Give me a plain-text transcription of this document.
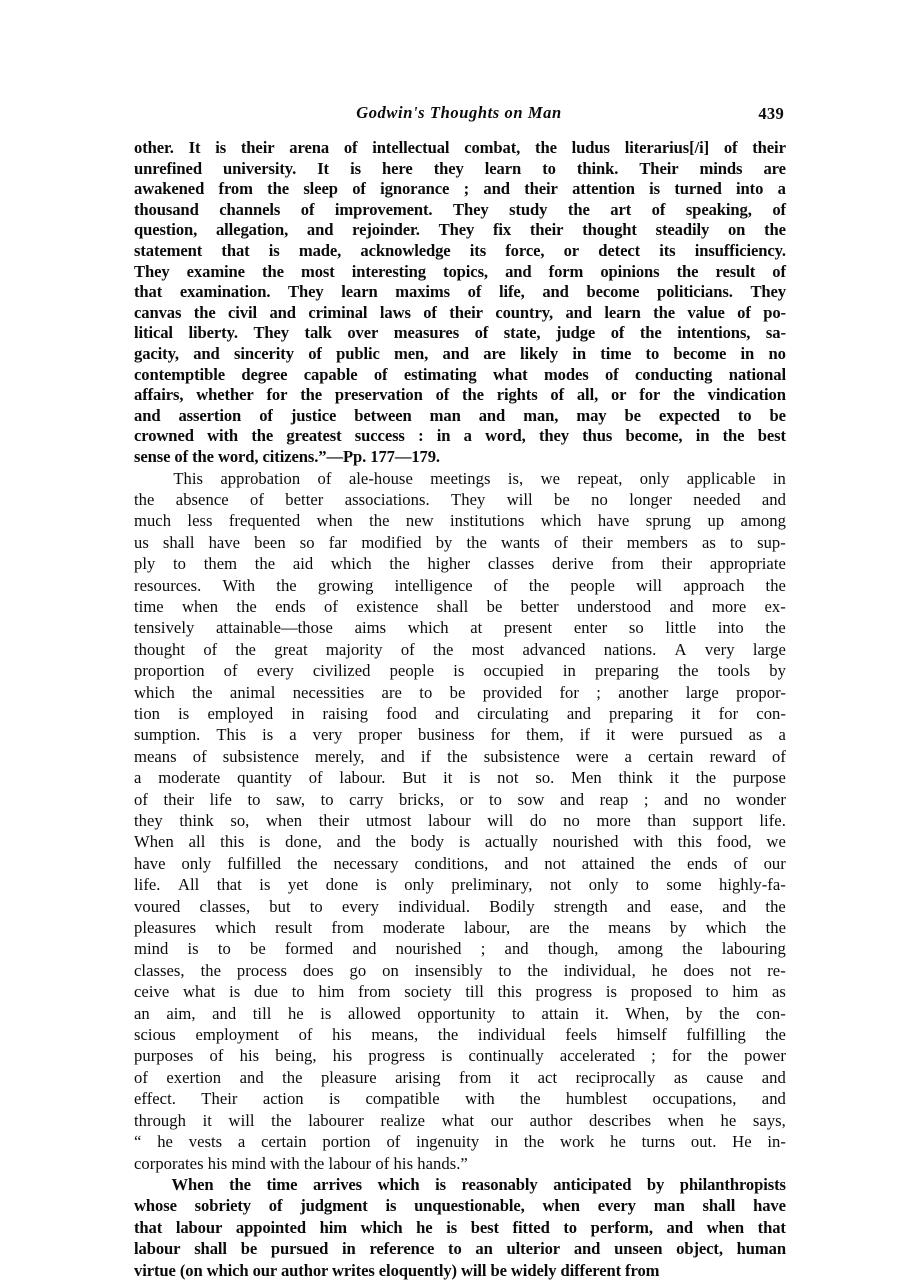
Godwin's Thoughts on Man	439
other. It is their arena of intellectual combat, the ludus literarius[/i] of their
unrefined university. It is here they learn to think. Their minds are
awakened from the sleep of ignorance ; and their attention is turned into a
thousand channels of improvement. They study the art of speaking, of
question, allegation, and rejoinder. They fix their thought steadily on the
statement that is made, acknowledge its force, or detect its insufficiency.
They examine the most interesting topics, and form opinions the result of
that examination. They learn maxims of life, and become politicians. They
canvas the civil and criminal laws of their country, and learn the value of po-
litical liberty. They talk over measures of state, judge of the intentions, sa-
gacity, and sincerity of public men, and are likely in time to become in no
contemptible degree capable of estimating what modes of conducting national
affairs, whether for the preservation of the rights of all, or for the vindication
and assertion of justice between man and man, may be expected to be
crowned with the greatest success : in a word, they thus become, in the best
sense of the word, citizens.”—Pp. 177—179.
This approbation of ale-house meetings is, we repeat, only applicable in
the absence of better associations. They will be no longer needed and
much less frequented when the new institutions which have sprung up among
us shall have been so far modified by the wants of their members as to sup-
ply to them the aid which the higher classes derive from their appropriate
resources. With the growing intelligence of the people will approach the
time when the ends of existence shall be better understood and more ex-
tensively attainable—those aims which at present enter so little into the
thought of the great majority of the most advanced nations. A very large
proportion of every civilized people is occupied in preparing the tools by
which the animal necessities are to be provided for ; another large propor-
tion is employed in raising food and circulating and preparing it for con-
sumption. This is a very proper business for them, if it were pursued as a
means of subsistence merely, and if the subsistence were a certain reward of
a moderate quantity of labour. But it is not so. Men think it the purpose
of their life to saw, to carry bricks, or to sow and reap ; and no wonder
they think so, when their utmost labour will do no more than support life.
When all this is done, and the body is actually nourished with this food, we
have only fulfilled the necessary conditions, and not attained the ends of our
life. All that is yet done is only preliminary, not only to some highly-fa-
voured classes, but to every individual. Bodily strength and ease, and the
pleasures which result from moderate labour, are the means by which the
mind is to be formed and nourished ; and though, among the labouring
classes, the process does go on insensibly to the individual, he does not re-
ceive what is due to him from society till this progress is proposed to him as
an aim, and till he is allowed opportunity to attain it. When, by the con-
scious employment of his means, the individual feels himself fulfilling the
purposes of his being, his progress is continually accelerated ; for the power
of exertion and the pleasure arising from it act reciprocally as cause and
effect. Their action is compatible with the humblest occupations, and
through it will the labourer realize what our author describes when he says,
“ he vests a certain portion of ingenuity in the work he turns out. He in-
corporates his mind with the labour of his hands.”
When the time arrives which is reasonably anticipated by philanthropists
whose sobriety of judgment is unquestionable, when every man shall have
that labour appointed him which he is best fitted to perform, and when that
labour shall be pursued in reference to an ulterior and unseen object, human
virtue (on which our author writes eloquently) will be widely different from
